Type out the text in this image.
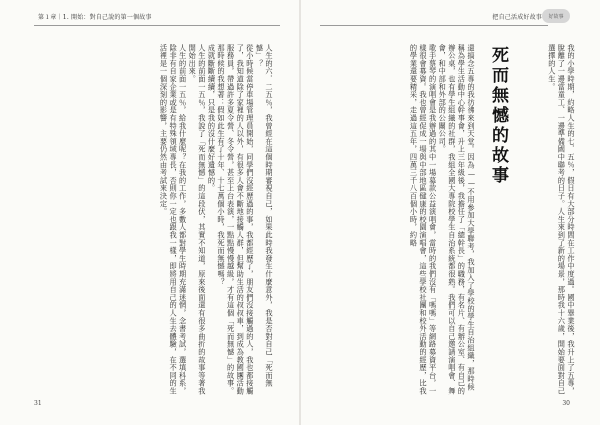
第１章｜1. 開始：對自己說的第一個故事
人生的六．二五％，我曾經在這個時期審視自己，如果此時我發生什麼意外，我是否對自己「死而無憾」？
從小時候當停車場管理員開始，同學們沒經歷過的事，我都經歷了，朋友們沒接觸過的人，我也都接觸了，我知道除了家裡的人以外，有很多人會不斷地接觸人群，但幫助生活的叔叔車，到成為教國團活動服務員，帶過許多夏令營、冬令營，甚至上台表演，一點點慢慢越級，才有這個「死而無憾」的故事。
那時候的我想著：假如此生有了十年、十七萬個小時，我死而無憾嗎？
成就斷斷續續，只是我的沒什麼好遺憾的。
人生的前面一五％，我說了「死而無憾」的這段伏，其實不知道，原來後面還有很多曲折的故事等著我開始出來。
人生的前面一五％，給我什麼呢？在我的工作，多數人都對學生時期充滿迷惘，念書考試，選填科系，除非有自家企業或是有特殊領域專長，否則你一定也跟我一樣，即將用自己的人生去體驗，在不同的生活裡是一個深刻的影響，主要仍然由考試來決定。
31
把自己活成好故事	好故事
我的小學時期，約略人生的七．五％，假日有大部分時間在工作中度過。國中畢業後，我升上了五專，脫離了一邊當童工、一邊準備國中聯考的日子。人生來到了新的場景，那時我十六歲，開始要面對自己選擇的人生。
死而無憾的故事
還搞念五專的我彷彿來到天堂。因為——不用參加大學聯考，我加入了學校的學生自治組織，那時候稱為學生活動中心幹事會，升上三年級後，我擔任了「總幹長」的職務，有名片、有辦公室、有自己的辦公桌，也有學生組織的社群，我組全國大專院校學生自治系統都很熟。我們可以自己邀請演唱會、舞會，和中部和外部的公關公司。
歌手蔡琴的演唱會是我辦過的其中一場募款公益演唱會，當時的我們沒有「嗎嗎」等網路募資平台，一樣很會募資。我也曾經促成一場與中部地區健康的校園演唱會，這些學校社團和校外活動的經歷，比我的學業還要精采，走過這五年，四萬三千八百個小時，約略
30
